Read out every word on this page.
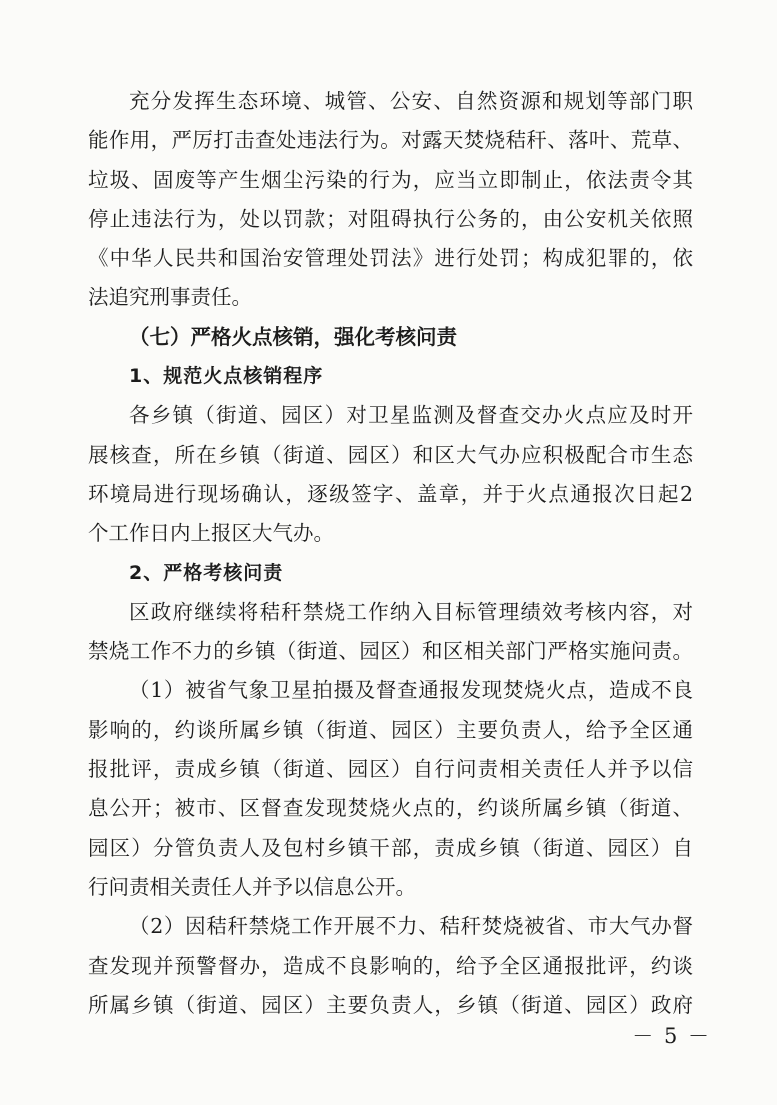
充分发挥生态环境、城管、公安、自然资源和规划等部门职
能作用，严厉打击查处违法行为。对露天焚烧秸秆、落叶、荒草、
垃圾、固废等产生烟尘污染的行为，应当立即制止，依法责令其
停止违法行为，处以罚款；对阻碍执行公务的，由公安机关依照
《中华人民共和国治安管理处罚法》进行处罚；构成犯罪的，依
法追究刑事责任。
（七）严格火点核销，强化考核问责
1、规范火点核销程序
各乡镇（街道、园区）对卫星监测及督查交办火点应及时开
展核查，所在乡镇（街道、园区）和区大气办应积极配合市生态
环境局进行现场确认，逐级签字、盖章，并于火点通报次日起2
个工作日内上报区大气办。
2、严格考核问责
区政府继续将秸秆禁烧工作纳入目标管理绩效考核内容，对
禁烧工作不力的乡镇（街道、园区）和区相关部门严格实施问责。
（1）被省气象卫星拍摄及督查通报发现焚烧火点，造成不良
影响的，约谈所属乡镇（街道、园区）主要负责人，给予全区通
报批评，责成乡镇（街道、园区）自行问责相关责任人并予以信
息公开；被市、区督查发现焚烧火点的，约谈所属乡镇（街道、
园区）分管负责人及包村乡镇干部，责成乡镇（街道、园区）自
行问责相关责任人并予以信息公开。
（2）因秸秆禁烧工作开展不力、秸秆焚烧被省、市大气办督
查发现并预警督办，造成不良影响的，给予全区通报批评，约谈
所属乡镇（街道、园区）主要负责人，乡镇（街道、园区）政府
－ 5 －
